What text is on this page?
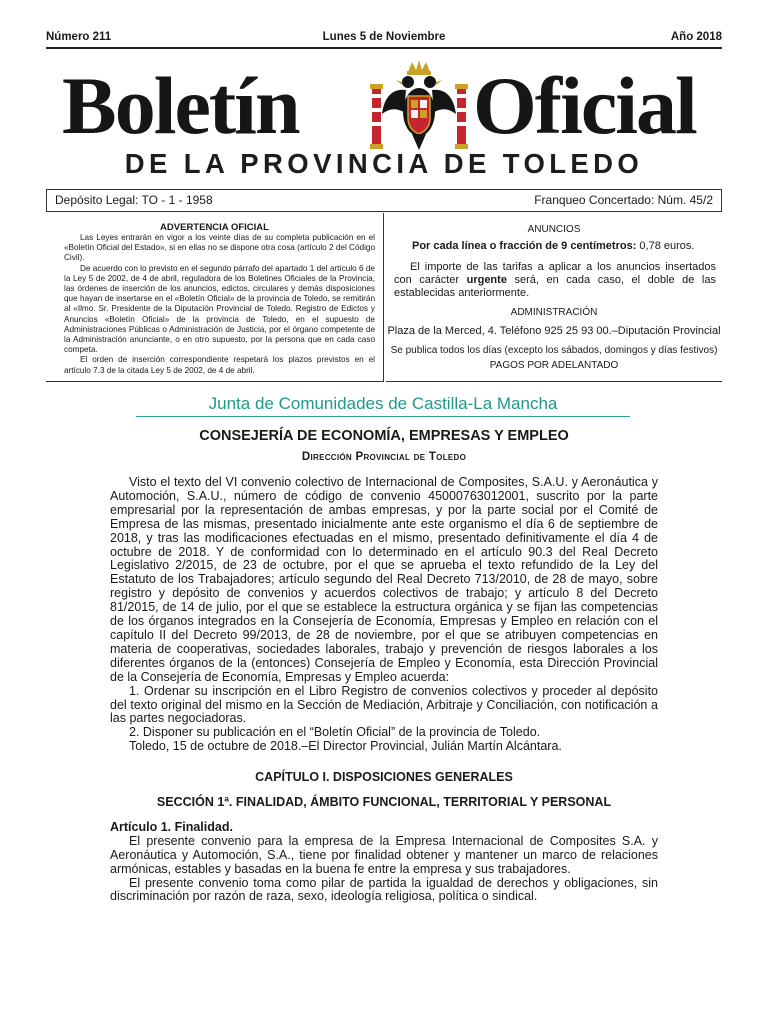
Número 211	Lunes 5 de Noviembre	Año 2018
Boletín Oficial
DE LA PROVINCIA DE TOLEDO
Depósito Legal: TO - 1 - 1958	Franqueo Concertado: Núm. 45/2
ADVERTENCIA OFICIAL

Las Leyes entrarán en vigor a los veinte días de su completa publicación en el «Boletín Oficial del Estado», si en ellas no se dispone otra cosa (artículo 2 del Código Civil).

De acuerdo con lo previsto en el segundo párrafo del apartado 1 del artículo 6 de la Ley 5 de 2002, de 4 de abril, reguladora de los Boletines Oficiales de la Provincia, las órdenes de inserción de los anuncios, edictos, circulares y demás disposiciones que hayan de insertarse en el «Boletín Oficial» de la provincia de Toledo, se remitirán al «Ilmo. Sr. Presidente de la Diputación Provincial de Toledo. Registro de Edictos y Anuncios «Boletín Oficial» de la provincia de Toledo, en el supuesto de Administraciones Públicas o Administración de Justicia, por el órgano competente de la Administración anunciante, o en otro supuesto, por la persona que en cada caso competa.

El orden de inserción correspondiente respetará los plazos previstos en el artículo 7.3 de la citada Ley 5 de 2002, de 4 de abril.

ANUNCIOS
Por cada línea o fracción de 9 centímetros: 0,78 euros.
El importe de las tarifas a aplicar a los anuncios insertados con carácter urgente será, en cada caso, el doble de las establecidas anteriormente.
ADMINISTRACIÓN
Plaza de la Merced, 4. Teléfono 925 25 93 00.–Diputación Provincial
Se publica todos los días (excepto los sábados, domingos y días festivos)
PAGOS POR ADELANTADO
Junta de Comunidades de Castilla-La Mancha
CONSEJERÍA DE ECONOMÍA, EMPRESAS Y EMPLEO
Dirección Provincial de Toledo

Visto el texto del VI convenio colectivo de Internacional de Composites, S.A.U. y Aeronáutica y Automoción, S.A.U., número de código de convenio 45000763012001, suscrito por la parte empresarial por la representación de ambas empresas, y por la parte social por el Comité de Empresa de las mismas, presentado inicialmente ante este organismo el día 6 de septiembre de 2018, y tras las modificaciones efectuadas en el mismo, presentado definitivamente el día 4 de octubre de 2018. Y de conformidad con lo determinado en el artículo 90.3 del Real Decreto Legislativo 2/2015, de 23 de octubre, por el que se aprueba el texto refundido de la Ley del Estatuto de los Trabajadores; artículo segundo del Real Decreto 713/2010, de 28 de mayo, sobre registro y depósito de convenios y acuerdos colectivos de trabajo; y artículo 8 del Decreto 81/2015, de 14 de julio, por el que se establece la estructura orgánica y se fijan las competencias de los órganos integrados en la Consejería de Economía, Empresas y Empleo en relación con el capítulo II del Decreto 99/2013, de 28 de noviembre, por el que se atribuyen competencias en materia de cooperativas, sociedades laborales, trabajo y prevención de riesgos laborales a los diferentes órganos de la (entonces) Consejería de Empleo y Economía, esta Dirección Provincial de la Consejería de Economía, Empresas y Empleo acuerda:

1. Ordenar su inscripción en el Libro Registro de convenios colectivos y proceder al depósito del texto original del mismo en la Sección de Mediación, Arbitraje y Conciliación, con notificación a las partes negociadoras.

2. Disponer su publicación en el “Boletín Oficial” de la provincia de Toledo.

Toledo, 15 de octubre de 2018.–El Director Provincial, Julián Martín Alcántara.

CAPÍTULO I. DISPOSICIONES GENERALES

SECCIÓN 1ª. FINALIDAD, ÁMBITO FUNCIONAL, TERRITORIAL Y PERSONAL

Artículo 1. Finalidad.

El presente convenio para la empresa de la Empresa Internacional de Composites S.A. y Aeronáutica y Automoción, S.A., tiene por finalidad obtener y mantener un marco de relaciones armónicas, estables y basadas en la buena fe entre la empresa y sus trabajadores.

El presente convenio toma como pilar de partida la igualdad de derechos y obligaciones, sin discriminación por razón de raza, sexo, ideología religiosa, política o sindical.
